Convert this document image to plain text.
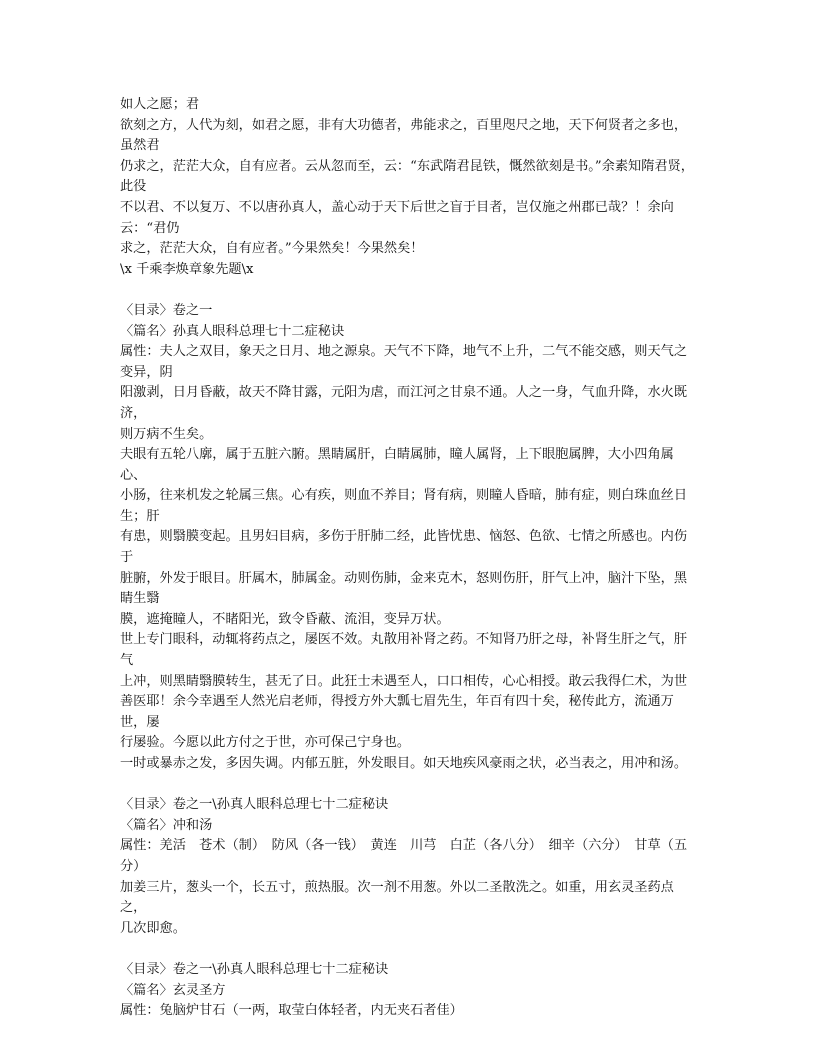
如人之愿；君
欲刻之方，人代为刻，如君之愿，非有大功德者，弗能求之，百里咫尺之地，天下何贤者之多也，虽然君
仍求之，茫茫大众，自有应者。云从忽而至，云：“东武隋君昆铁，慨然欲刻是书。”余素知隋君贤，此役
不以君、不以复万、不以唐孙真人，盖心动于天下后世之盲于目者，岂仅施之州郡已哉？！余向云：“君仍
求之，茫茫大众，自有应者。”今果然矣！今果然矣！
\x 千乘李焕章象先题\x
〈目录〉卷之一
〈篇名〉孙真人眼科总理七十二症秘诀
属性：夫人之双目，象天之日月、地之源泉。天气不下降，地气不上升，二气不能交感，则天气之变异，阴
阳激剥，日月昏蔽，故天不降甘露，元阳为虐，而江河之甘泉不通。人之一身，气血升降，水火既济，
则万病不生矣。
夫眼有五轮八廓，属于五脏六腑。黑睛属肝，白睛属肺，瞳人属肾，上下眼胞属脾，大小四角属心、
小肠，往来机发之轮属三焦。心有疾，则血不养目；肾有病，则瞳人昏暗，肺有症，则白珠血丝日生；肝
有患，则翳膜变起。且男妇目病，多伤于肝肺二经，此皆忧患、恼怒、色欲、七情之所感也。内伤于
脏腑，外发于眼目。肝属木，肺属金。动则伤肺，金来克木，怒则伤肝，肝气上冲，脑汁下坠，黑睛生翳
膜，遮掩瞳人，不睹阳光，致令昏蔽、流泪，变异万状。
世上专门眼科，动辄将药点之，屡医不效。丸散用补肾之药。不知肾乃肝之母，补肾生肝之气，肝气
上冲，则黑睛翳膜转生，甚无了日。此狂士未遇至人，口口相传，心心相授。敢云我得仁术，为世
善医耶！余今幸遇至人然光启老师，得授方外大瓢七眉先生，年百有四十矣，秘传此方，流通万世，屡
行屡验。今愿以此方付之于世，亦可保己宁身也。
一时或暴赤之发，多因失调。内郁五脏，外发眼目。如天地疾风豪雨之状，必当表之，用冲和汤。
〈目录〉卷之一\孙真人眼科总理七十二症秘诀
〈篇名〉冲和汤
属性：羌活　苍术（制）　防风（各一钱）　黄连　川芎　白芷（各八分）　细辛（六分）　甘草（五分）
加姜三片，葱头一个，长五寸，煎热服。次一剂不用葱。外以二圣散洗之。如重，用玄灵圣药点之，
几次即愈。
〈目录〉卷之一\孙真人眼科总理七十二症秘诀
〈篇名〉玄灵圣方
属性：兔脑炉甘石（一两，取莹白体轻者，内无夹石者佳）
